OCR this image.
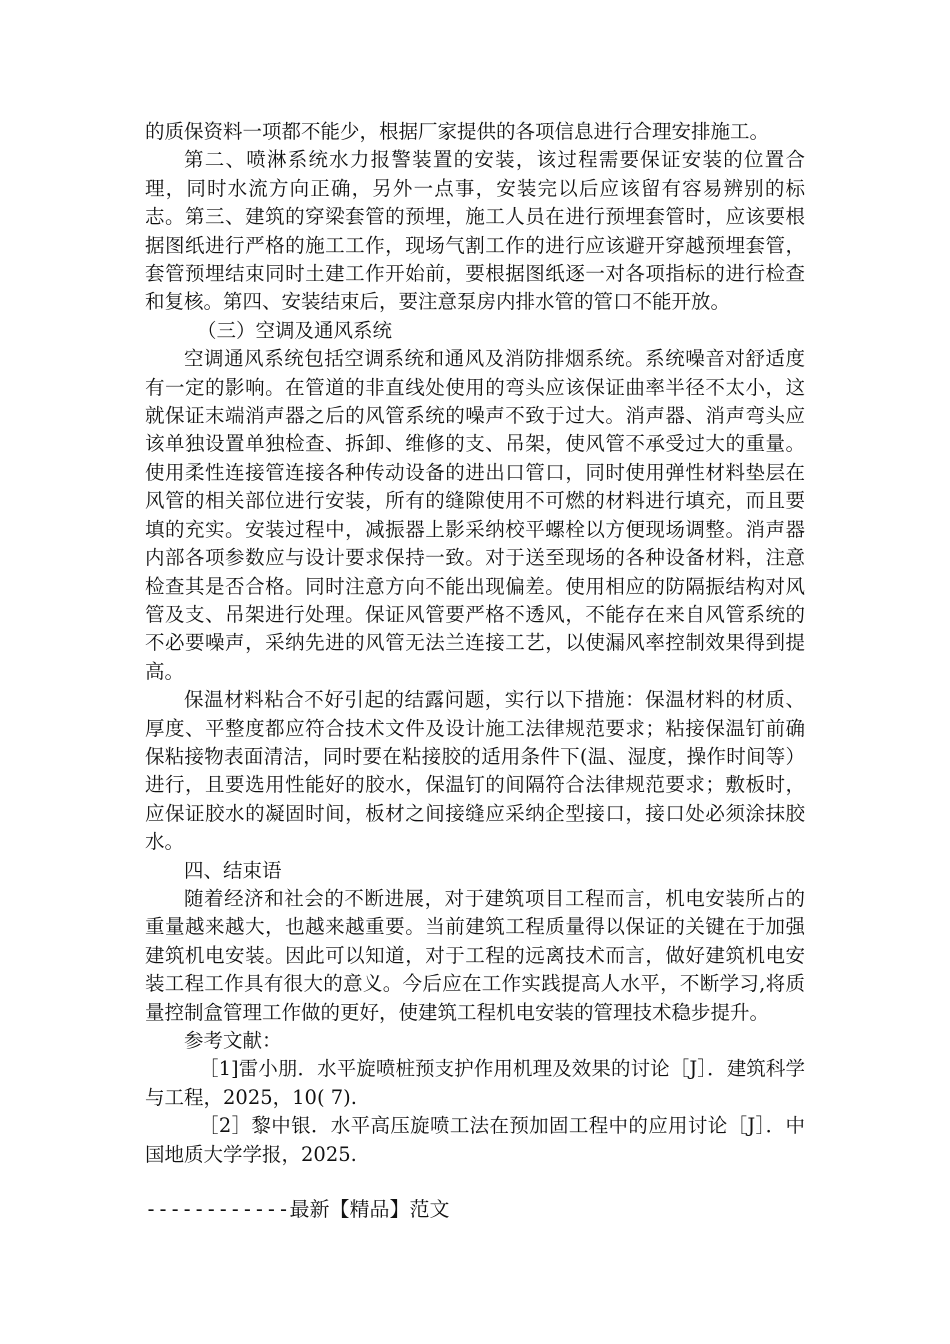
的质保资料一项都不能少，根据厂家提供的各项信息进行合理安排施工。

第二、喷淋系统水力报警装置的安装，该过程需要保证安装的位置合理，同时水流方向正确，另外一点事，安装完以后应该留有容易辨别的标志。第三、建筑的穿梁套管的预埋，施工人员在进行预埋套管时，应该要根据图纸进行严格的施工工作，现场气割工作的进行应该避开穿越预埋套管，套管预埋结束同时土建工作开始前，要根据图纸逐一对各项指标的进行检查和复核。第四、安装结束后，要注意泵房内排水管的管口不能开放。

（三）空调及通风系统

空调通风系统包括空调系统和通风及消防排烟系统。系统噪音对舒适度有一定的影响。在管道的非直线处使用的弯头应该保证曲率半径不太小，这就保证末端消声器之后的风管系统的噪声不致于过大。消声器、消声弯头应该单独设置单独检查、拆卸、维修的支、吊架，使风管不承受过大的重量。使用柔性连接管连接各种传动设备的进出口管口，同时使用弹性材料垫层在风管的相关部位进行安装，所有的缝隙使用不可燃的材料进行填充，而且要填的充实。安装过程中，减振器上影采纳校平螺栓以方便现场调整。消声器内部各项参数应与设计要求保持一致。对于送至现场的各种设备材料，注意检查其是否合格。同时注意方向不能出现偏差。使用相应的防隔振结构对风管及支、吊架进行处理。保证风管要严格不透风，不能存在来自风管系统的不必要噪声，采纳先进的风管无法兰连接工艺，以使漏风率控制效果得到提高。

保温材料粘合不好引起的结露问题，实行以下措施：保温材料的材质、厚度、平整度都应符合技术文件及设计施工法律规范要求；粘接保温钉前确保粘接物表面清洁，同时要在粘接胶的适用条件下(温、湿度，操作时间等）进行，且要选用性能好的胶水，保温钉的间隔符合法律规范要求；敷板时，应保证胶水的凝固时间，板材之间接缝应采纳企型接口，接口处必须涂抹胶水。

四、结束语

随着经济和社会的不断进展，对于建筑项目工程而言，机电安装所占的重量越来越大，也越来越重要。当前建筑工程质量得以保证的关键在于加强建筑机电安装。因此可以知道，对于工程的远离技术而言，做好建筑机电安装工程工作具有很大的意义。今后应在工作实践提高人水平，不断学习,将质量控制盒管理工作做的更好，使建筑工程机电安装的管理技术稳步提升。

参考文献：

［1]雷小朋．水平旋喷桩预支护作用机理及效果的讨论［J］．建筑科学与工程，2025，10( 7).

［2］黎中银．水平高压旋喷工法在预加固工程中的应用讨论［J］．中国地质大学学报，2025.

------------最新【精品】范文
